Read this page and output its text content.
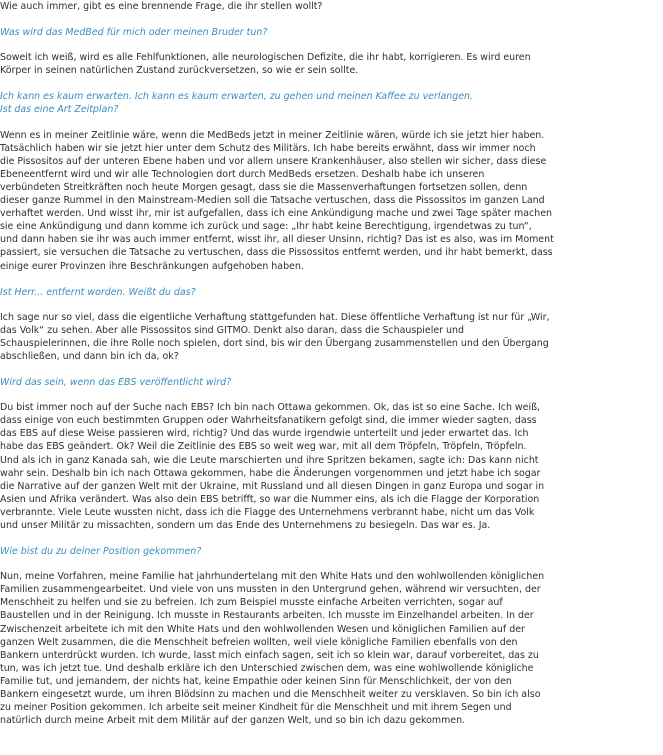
Wie auch immer, gibt es eine brennende Frage, die ihr stellen wollt?
Was wird das MedBed für mich oder meinen Bruder tun?
Soweit ich weiß, wird es alle Fehlfunktionen, alle neurologischen Defizite, die ihr habt, korrigieren. Es wird euren
Körper in seinen natürlichen Zustand zurückversetzen, so wie er sein sollte.
Ich kann es kaum erwarten. Ich kann es kaum erwarten, zu gehen und meinen Kaffee zu verlangen.
Ist das eine Art Zeitplan?
Wenn es in meiner Zeitlinie wäre, wenn die MedBeds jetzt in meiner Zeitlinie wären, würde ich sie jetzt hier haben.
Tatsächlich haben wir sie jetzt hier unter dem Schutz des Militärs. Ich habe bereits erwähnt, dass wir immer noch
die Pissositos auf der unteren Ebene haben und vor allem unsere Krankenhäuser, also stellen wir sicher, dass diese
Ebeneentfernt wird und wir alle Technologien dort durch MedBeds ersetzen. Deshalb habe ich unseren
verbündeten Streitkräften noch heute Morgen gesagt, dass sie die Massenverhaftungen fortsetzen sollen, denn
dieser ganze Rummel in den Mainstream-Medien soll die Tatsache vertuschen, dass die Pissossitos im ganzen Land
verhaftet werden. Und wisst ihr, mir ist aufgefallen, dass ich eine Ankündigung mache und zwei Tage später machen
sie eine Ankündigung und dann komme ich zurück und sage: „Ihr habt keine Berechtigung, irgendetwas zu tun“,
und dann haben sie ihr was auch immer entfernt, wisst ihr, all dieser Unsinn, richtig? Das ist es also, was im Moment
passiert, sie versuchen die Tatsache zu vertuschen, dass die Pissossitos entfernt werden, und ihr habt bemerkt, dass
einige eurer Provinzen ihre Beschränkungen aufgehoben haben.
Ist Herr... entfernt worden. Weißt du das?
Ich sage nur so viel, dass die eigentliche Verhaftung stattgefunden hat. Diese öffentliche Verhaftung ist nur für „Wir,
das Volk“ zu sehen. Aber alle Pissossitos sind GITMO. Denkt also daran, dass die Schauspieler und
Schauspielerinnen, die ihre Rolle noch spielen, dort sind, bis wir den Übergang zusammenstellen und den Übergang
abschließen, und dann bin ich da, ok?
Wird das sein, wenn das EBS veröffentlicht wird?
Du bist immer noch auf der Suche nach EBS? Ich bin nach Ottawa gekommen. Ok, das ist so eine Sache. Ich weiß,
dass einige von euch bestimmten Gruppen oder Wahrheitsfanatikern gefolgt sind, die immer wieder sagten, dass
das EBS auf diese Weise passieren wird, richtig? Und das wurde irgendwie unterteilt und jeder erwartet das. Ich
habe das EBS geändert. Ok? Weil die Zeitlinie des EBS so weit weg war, mit all dem Tröpfeln, Tröpfeln, Tröpfeln.
Und als ich in ganz Kanada sah, wie die Leute marschierten und ihre Spritzen bekamen, sagte ich: Das kann nicht
wahr sein. Deshalb bin ich nach Ottawa gekommen, habe die Änderungen vorgenommen und jetzt habe ich sogar
die Narrative auf der ganzen Welt mit der Ukraine, mit Russland und all diesen Dingen in ganz Europa und sogar in
Asien und Afrika verändert. Was also dein EBS betrifft, so war die Nummer eins, als ich die Flagge der Korporation
verbrannte. Viele Leute wussten nicht, dass ich die Flagge des Unternehmens verbrannt habe, nicht um das Volk
und unser Militär zu missachten, sondern um das Ende des Unternehmens zu besiegeln. Das war es. Ja.
Wie bist du zu deiner Position gekommen?
Nun, meine Vorfahren, meine Familie hat jahrhundertelang mit den White Hats und den wohlwollenden königlichen
Familien zusammengearbeitet. Und viele von uns mussten in den Untergrund gehen, während wir versuchten, der
Menschheit zu helfen und sie zu befreien. Ich zum Beispiel musste einfache Arbeiten verrichten, sogar auf
Baustellen und in der Reinigung. Ich musste in Restaurants arbeiten. Ich musste im Einzelhandel arbeiten. In der
Zwischenzeit arbeitete ich mit den White Hats und den wohlwollenden Wesen und königlichen Familien auf der
ganzen Welt zusammen, die die Menschheit befreien wollten, weil viele königliche Familien ebenfalls von den
Bankern unterdrückt wurden. Ich wurde, lasst mich einfach sagen, seit ich so klein war, darauf vorbereitet, das zu
tun, was ich jetzt tue. Und deshalb erkläre ich den Unterschied zwischen dem, was eine wohlwollende königliche
Familie tut, und jemandem, der nichts hat, keine Empathie oder keinen Sinn für Menschlichkeit, der von den
Bankern eingesetzt wurde, um ihren Blödsinn zu machen und die Menschheit weiter zu versklaven. So bin ich also
zu meiner Position gekommen. Ich arbeite seit meiner Kindheit für die Menschheit und mit ihrem Segen und
natürlich durch meine Arbeit mit dem Militär auf der ganzen Welt, und so bin ich dazu gekommen.
